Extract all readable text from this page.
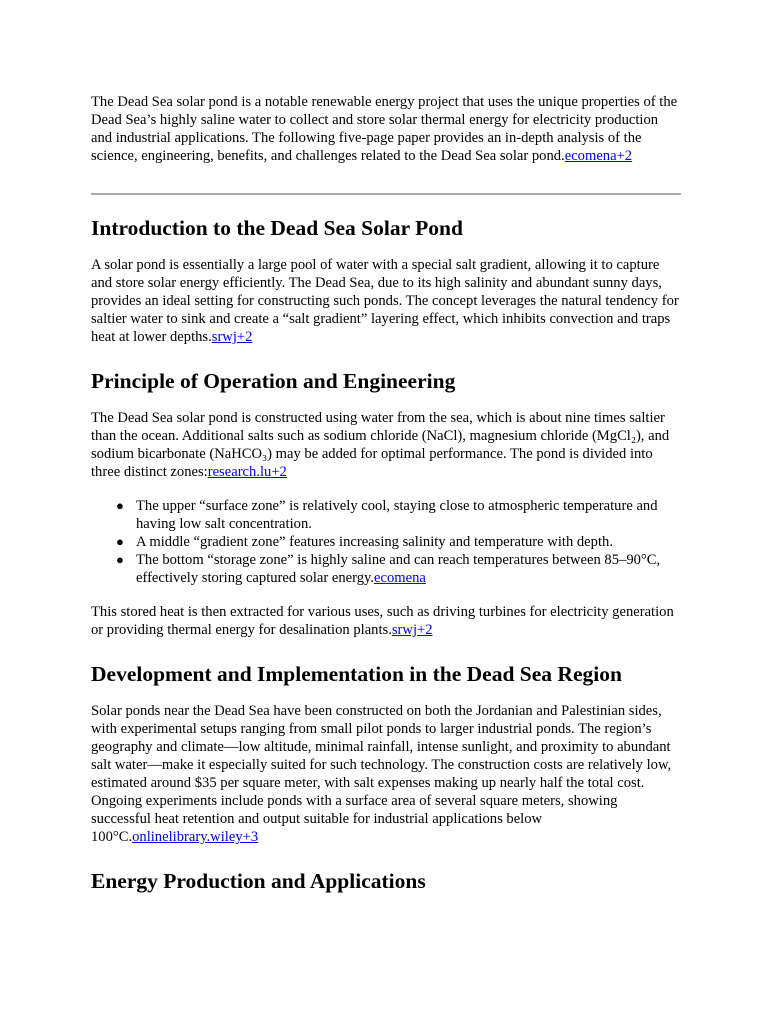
The Dead Sea solar pond is a notable renewable energy project that uses the unique properties of the Dead Sea’s highly saline water to collect and store solar thermal energy for electricity production and industrial applications. The following five-page paper provides an in-depth analysis of the science, engineering, benefits, and challenges related to the Dead Sea solar pond.ecomena+2

Introduction to the Dead Sea Solar Pond

A solar pond is essentially a large pool of water with a special salt gradient, allowing it to capture and store solar energy efficiently. The Dead Sea, due to its high salinity and abundant sunny days, provides an ideal setting for constructing such ponds. The concept leverages the natural tendency for saltier water to sink and create a “salt gradient” layering effect, which inhibits convection and traps heat at lower depths.srwj+2

Principle of Operation and Engineering

The Dead Sea solar pond is constructed using water from the sea, which is about nine times saltier than the ocean. Additional salts such as sodium chloride (NaCl), magnesium chloride (MgCl₂), and sodium bicarbonate (NaHCO₃) may be added for optimal performance. The pond is divided into three distinct zones:research.lu+2

● The upper “surface zone” is relatively cool, staying close to atmospheric temperature and having low salt concentration.
● A middle “gradient zone” features increasing salinity and temperature with depth.
● The bottom “storage zone” is highly saline and can reach temperatures between 85–90°C, effectively storing captured solar energy.ecomena

This stored heat is then extracted for various uses, such as driving turbines for electricity generation or providing thermal energy for desalination plants.srwj+2

Development and Implementation in the Dead Sea Region

Solar ponds near the Dead Sea have been constructed on both the Jordanian and Palestinian sides, with experimental setups ranging from small pilot ponds to larger industrial ponds. The region’s geography and climate—low altitude, minimal rainfall, intense sunlight, and proximity to abundant salt water—make it especially suited for such technology. The construction costs are relatively low, estimated around $35 per square meter, with salt expenses making up nearly half the total cost. Ongoing experiments include ponds with a surface area of several square meters, showing successful heat retention and output suitable for industrial applications below 100°C.onlinelibrary.wiley+3

Energy Production and Applications
